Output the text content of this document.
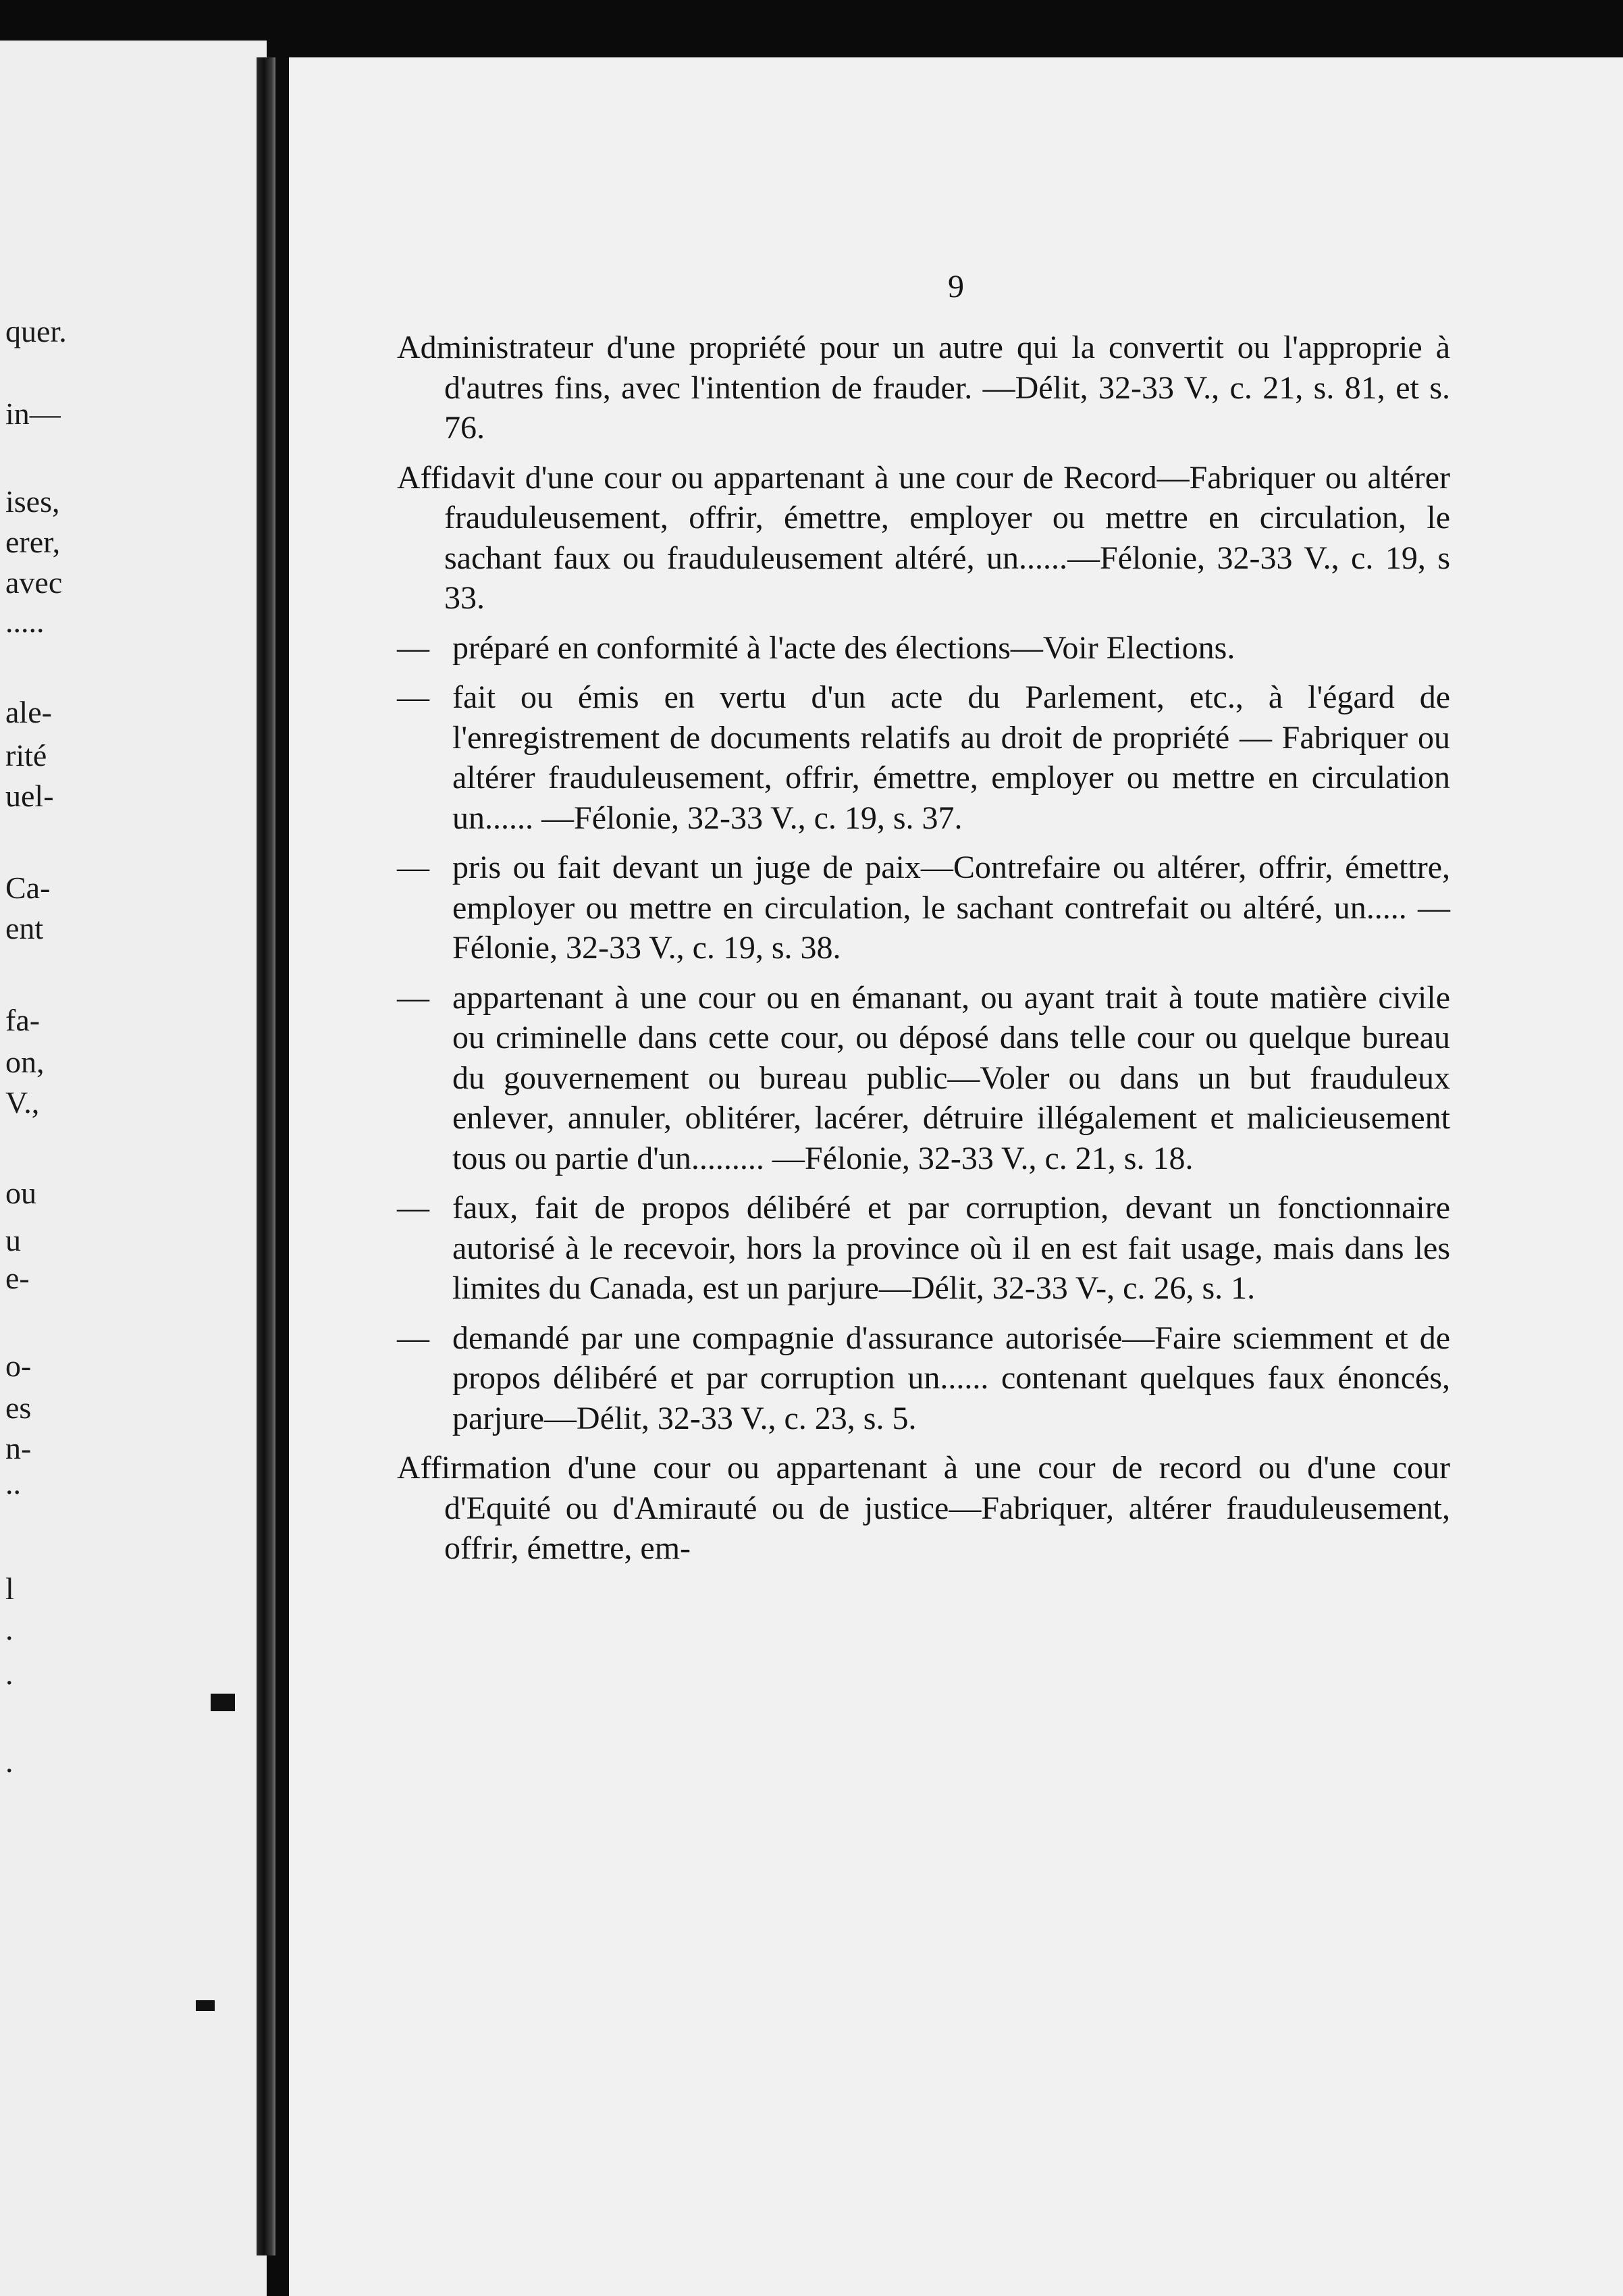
quer.
in—
ises,
erer,
avec
.....
ale-
rité
uel-
Ca-
ent
fa-
on,
V.,
ou
u
e-
o-
es
n-
..
l
.
.
.
9

Administrateur d'une propriété pour un autre qui la convertit ou l'approprie à d'autres fins, avec l'intention de frauder. —Délit, 32-33 V., c. 21, s. 81, et s. 76.

Affidavit d'une cour ou appartenant à une cour de Record—Fabriquer ou altérer frauduleusement, offrir, émettre, employer ou mettre en circulation, le sachant faux ou frauduleusement altéré, un......—Félonie, 32-33 V., c. 19, s 33.

— préparé en conformité à l'acte des élections—Voir Elections.

— fait ou émis en vertu d'un acte du Parlement, etc., à l'égard de l'enregistrement de documents relatifs au droit de propriété — Fabriquer ou altérer frauduleusement, offrir, émettre, employer ou mettre en circulation un...... —Félonie, 32-33 V., c. 19, s. 37.

— pris ou fait devant un juge de paix—Contrefaire ou altérer, offrir, émettre, employer ou mettre en circulation, le sachant contrefait ou altéré, un..... —Félonie, 32-33 V., c. 19, s. 38.

— appartenant à une cour ou en émanant, ou ayant trait à toute matière civile ou criminelle dans cette cour, ou déposé dans telle cour ou quelque bureau du gouvernement ou bureau public—Voler ou dans un but frauduleux enlever, annuler, oblitérer, lacérer, détruire illégalement et malicieusement tous ou partie d'un......... —Félonie, 32-33 V., c. 21, s. 18.

— faux, fait de propos délibéré et par corruption, devant un fonctionnaire autorisé à le recevoir, hors la province où il en est fait usage, mais dans les limites du Canada, est un parjure—Délit, 32-33 V-, c. 26, s. 1.

— demandé par une compagnie d'assurance autorisée—Faire sciemment et de propos délibéré et par corruption un...... contenant quelques faux énoncés, parjure—Délit, 32-33 V., c. 23, s. 5.

Affirmation d'une cour ou appartenant à une cour de record ou d'une cour d'Equité ou d'Amirauté ou de justice—Fabriquer, altérer frauduleusement, offrir, émettre, em-
